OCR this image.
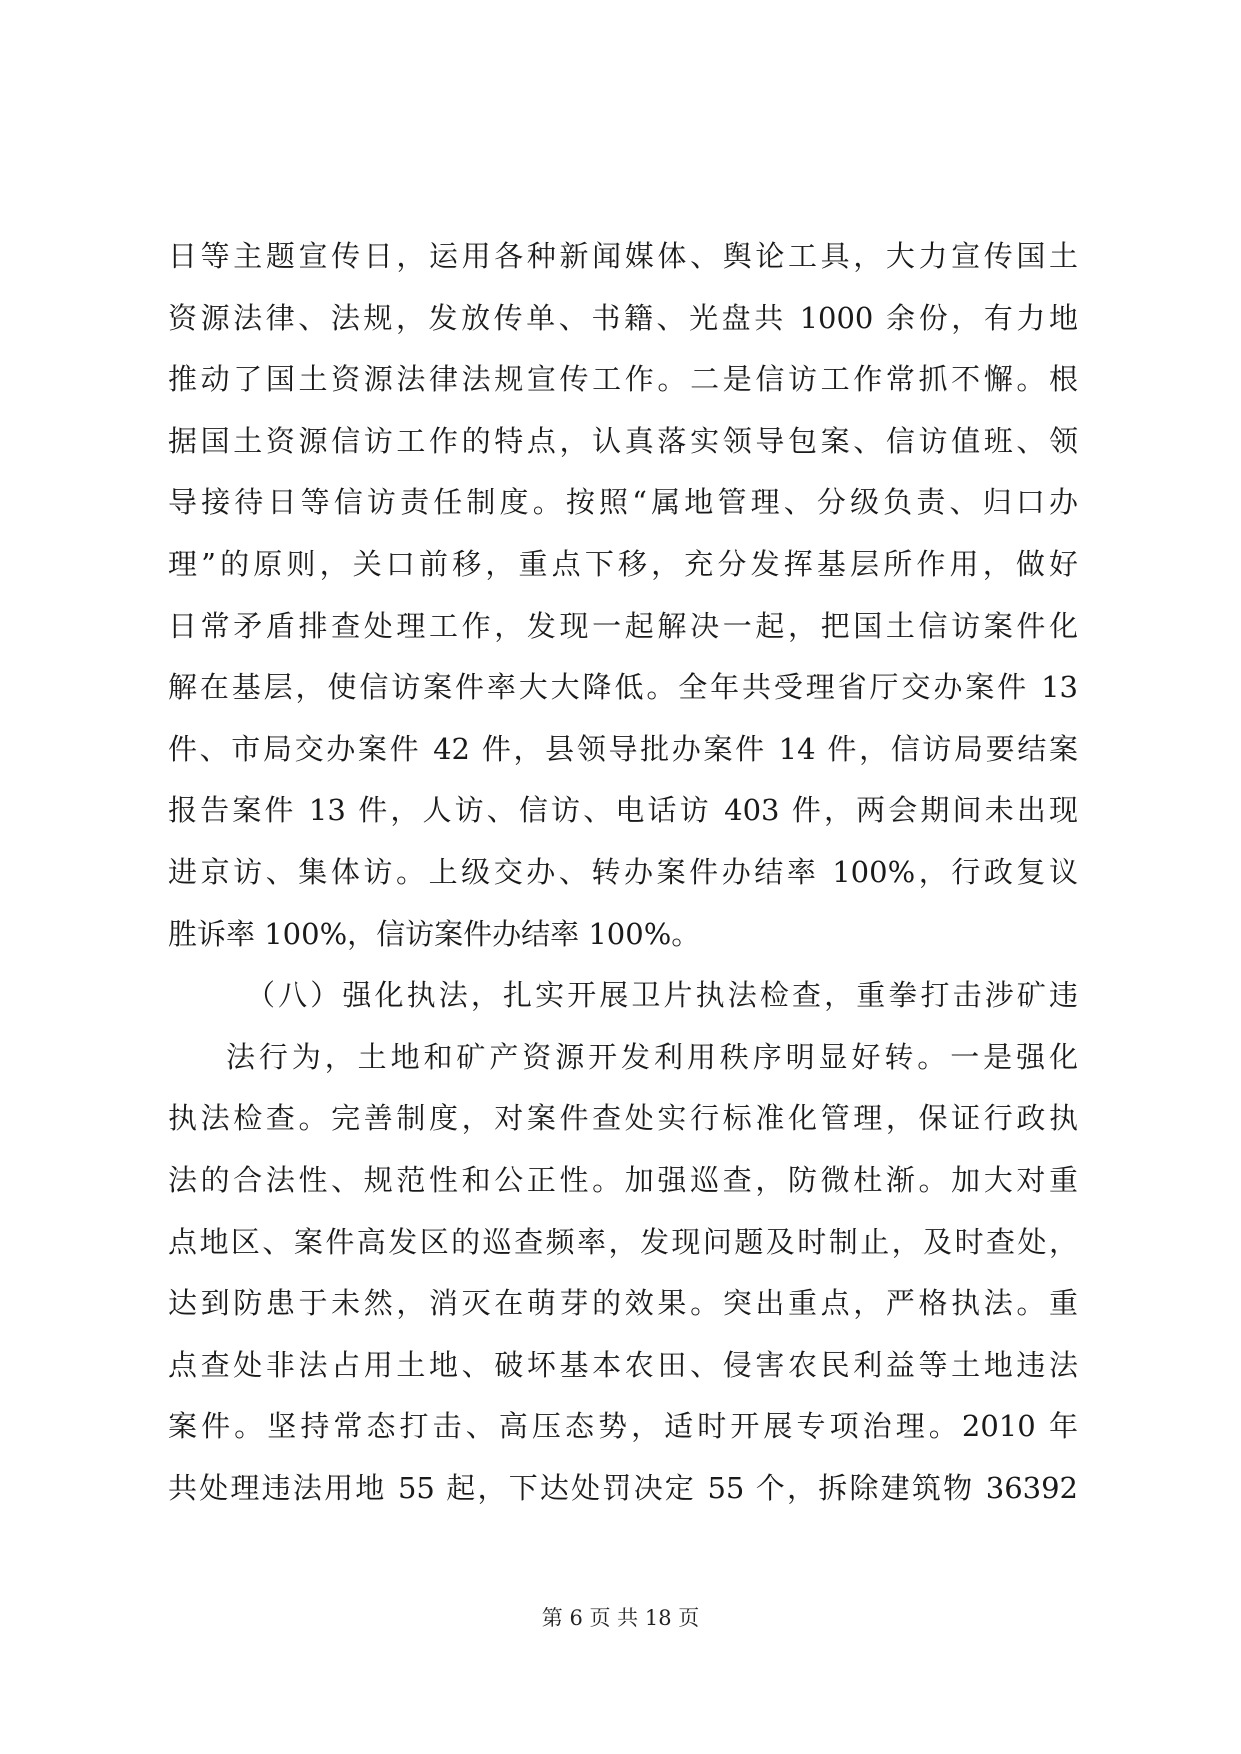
日等主题宣传日，运用各种新闻媒体、舆论工具，大力宣传国土
资源法律、法规，发放传单、书籍、光盘共 1000 余份，有力地
推动了国土资源法律法规宣传工作。二是信访工作常抓不懈。根
据国土资源信访工作的特点，认真落实领导包案、信访值班、领
导接待日等信访责任制度。按照“属地管理、分级负责、归口办
理”的原则，关口前移，重点下移，充分发挥基层所作用，做好
日常矛盾排查处理工作，发现一起解决一起，把国土信访案件化
解在基层，使信访案件率大大降低。全年共受理省厅交办案件 13
件、市局交办案件 42 件，县领导批办案件 14 件，信访局要结案
报告案件 13 件，人访、信访、电话访 403 件，两会期间未出现
进京访、集体访。上级交办、转办案件办结率 100%，行政复议
胜诉率 100%，信访案件办结率 100%。
（八）强化执法，扎实开展卫片执法检查，重拳打击涉矿违
法行为，土地和矿产资源开发利用秩序明显好转。一是强化
执法检查。完善制度，对案件查处实行标准化管理，保证行政执
法的合法性、规范性和公正性。加强巡查，防微杜渐。加大对重
点地区、案件高发区的巡查频率，发现问题及时制止，及时查处，
达到防患于未然，消灭在萌芽的效果。突出重点，严格执法。重
点查处非法占用土地、破坏基本农田、侵害农民利益等土地违法
案件。坚持常态打击、高压态势，适时开展专项治理。2010 年
共处理违法用地 55 起，下达处罚决定 55 个，拆除建筑物 36392
第 6 页 共 18 页
